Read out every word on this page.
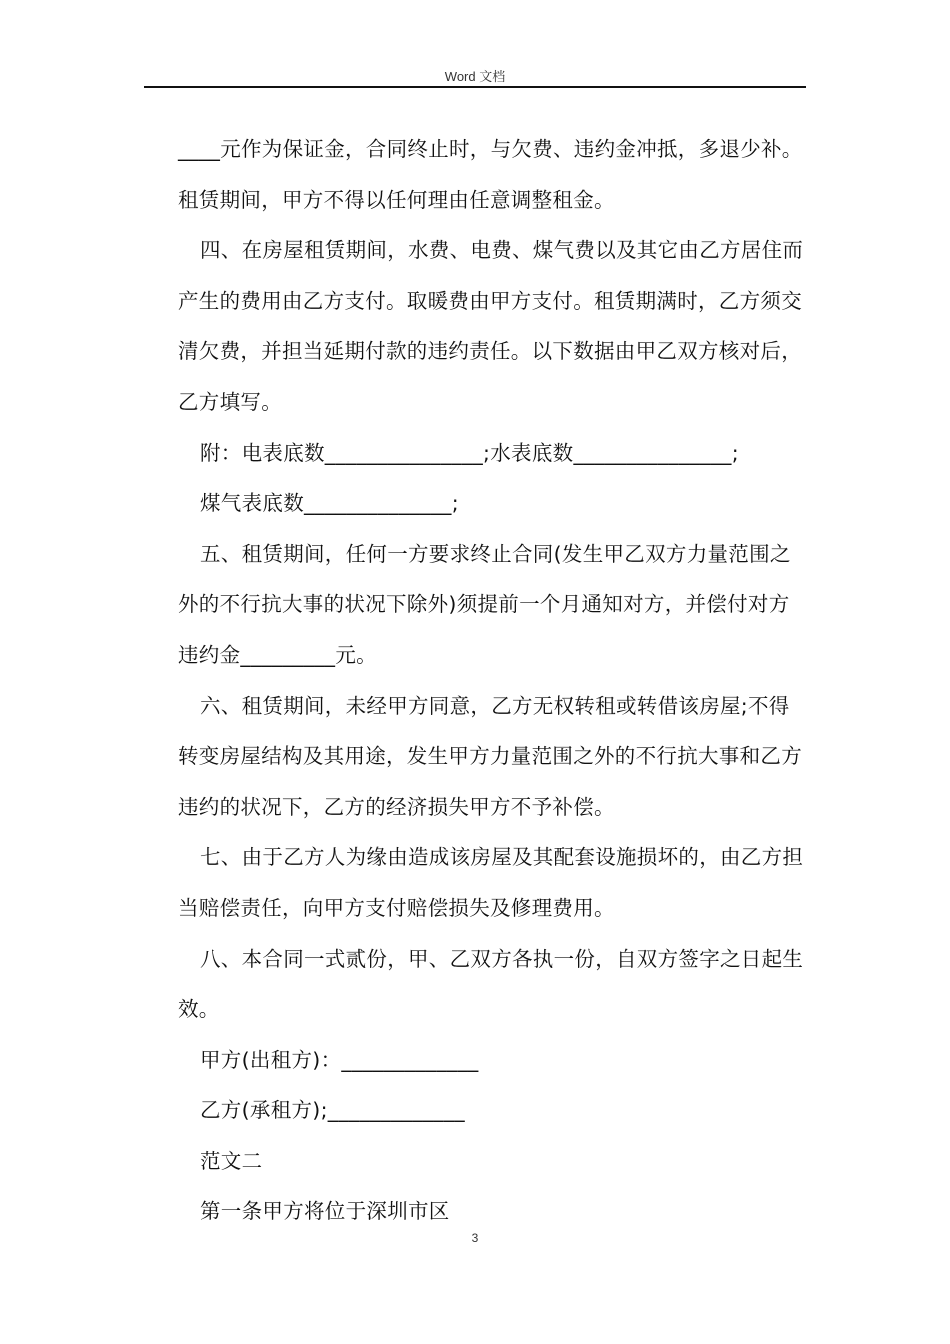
Word 文档

____元作为保证金，合同终止时，与欠费、违约金冲抵，多退少补。租赁期间，甲方不得以任何理由任意调整租金。

四、在房屋租赁期间，水费、电费、煤气费以及其它由乙方居住而产生的费用由乙方支付。取暖费由甲方支付。租赁期满时，乙方须交清欠费，并担当延期付款的违约责任。以下数据由甲乙双方核对后，乙方填写。

附：电表底数_______________;水表底数_______________;

煤气表底数______________;

五、租赁期间，任何一方要求终止合同(发生甲乙双方力量范围之外的不行抗大事的状况下除外)须提前一个月通知对方，并偿付对方违约金_________元。

六、租赁期间，未经甲方同意，乙方无权转租或转借该房屋;不得转变房屋结构及其用途，发生甲方力量范围之外的不行抗大事和乙方违约的状况下，乙方的经济损失甲方不予补偿。

七、由于乙方人为缘由造成该房屋及其配套设施损坏的，由乙方担当赔偿责任，向甲方支付赔偿损失及修理费用。

八、本合同一式贰份，甲、乙双方各执一份，自双方签字之日起生效。

甲方(出租方)：_____________

乙方(承租方);_____________

范文二

第一条甲方将位于深圳市区

3
